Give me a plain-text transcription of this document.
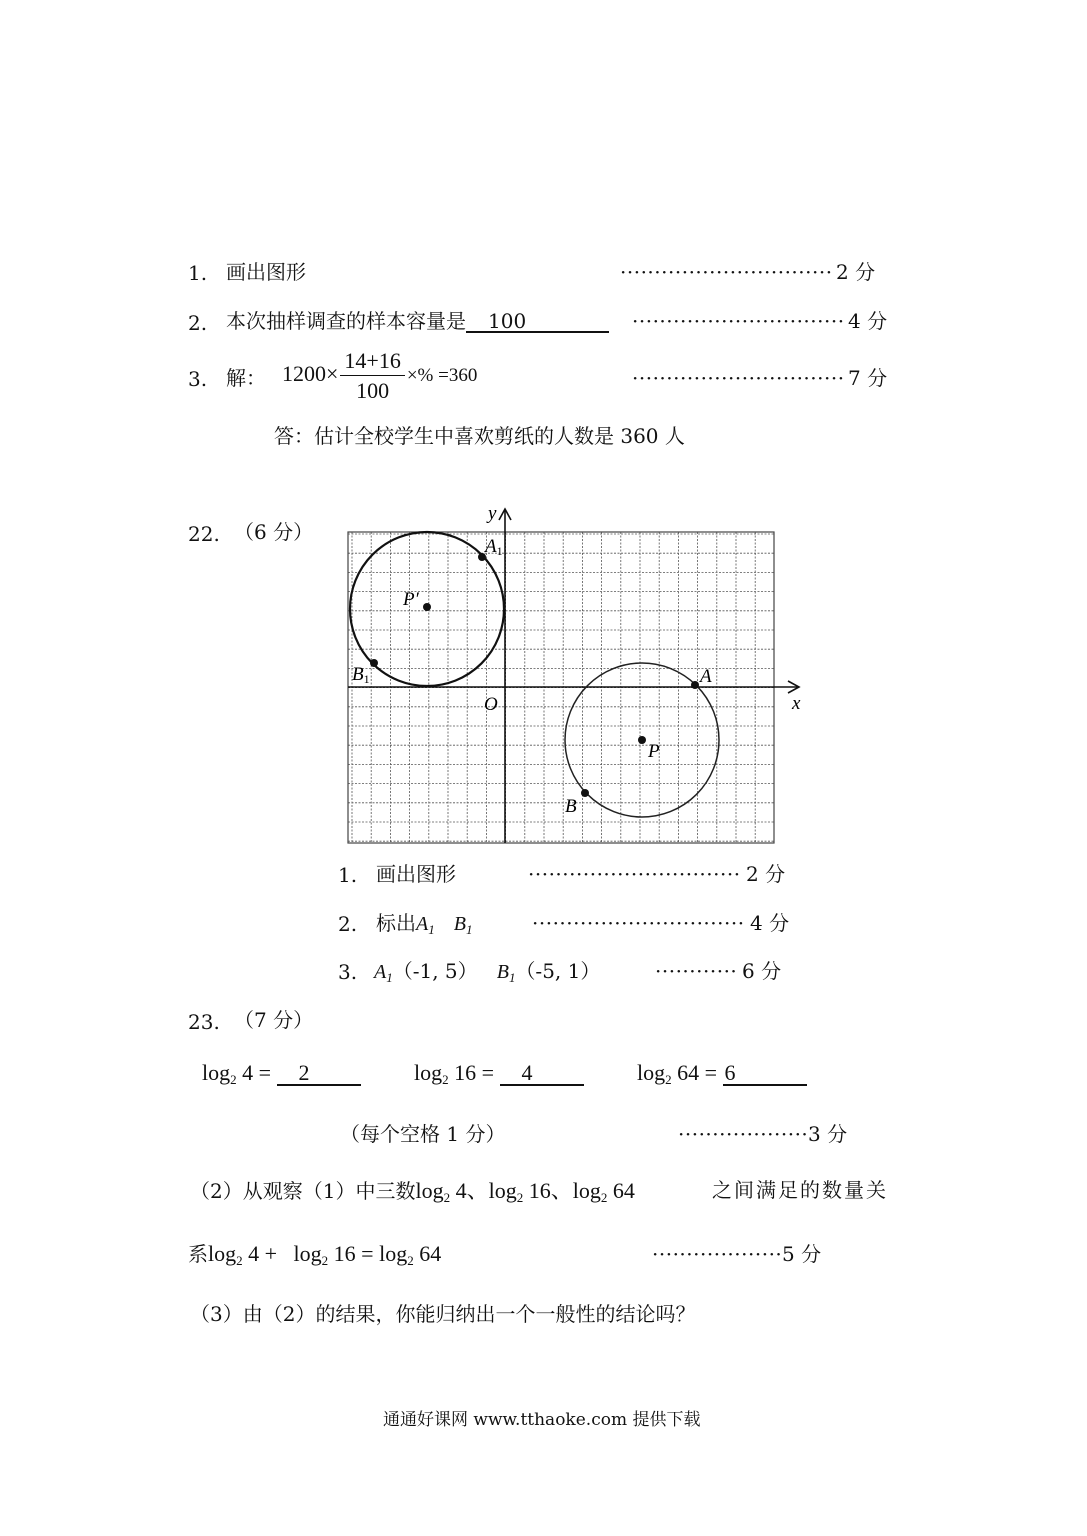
1. 画出图形	······························· 2 分
2. 本次抽样调查的样本容量是 100	······························· 4 分
3. 解： $1200\times \frac{14+16}{100}$ ×% =360	······························· 7 分
答：估计全校学生中喜欢剪纸的人数是 360 人
22. （6 分）
y
x
O
A1
P′
B1	A
P
B
1. 画出图形	······························· 2 分
2. 标出$A_1$ $B_1$	······························· 4 分
3. $A_1(-1$, 5） $B_1(-5$, 1）	············ 6 分
23. （7 分）
$\log_2 4 = 2$	$\log_2 16 = 4$	$\log_2 64 = 6$
（每个空格 1 分）	··················· 3 分
（2）从观察（1）中三数$\log_2 4$、$\log_2 16$、$\log_2 64$	之间满足的数量关
系$\log_2 4 + \log_2 16 = \log_2 64$	··················· 5 分
（3）由（2）的结果，你能归纳出一个一般性的结论吗？
通通好课网 www.tthaoke.com 提供下载
